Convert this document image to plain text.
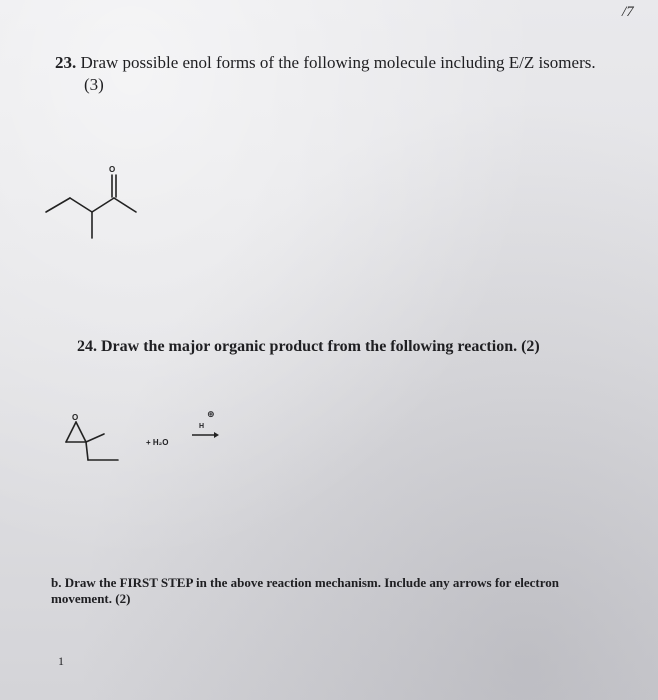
/7
23. Draw possible enol forms of the following molecule including E/Z isomers.
(3)
O
24. Draw the major organic product from the following reaction. (2)
O
+ H₂O
H
⊕
b. Draw the FIRST STEP in the above reaction mechanism. Include any arrows for electron movement. (2)
1
